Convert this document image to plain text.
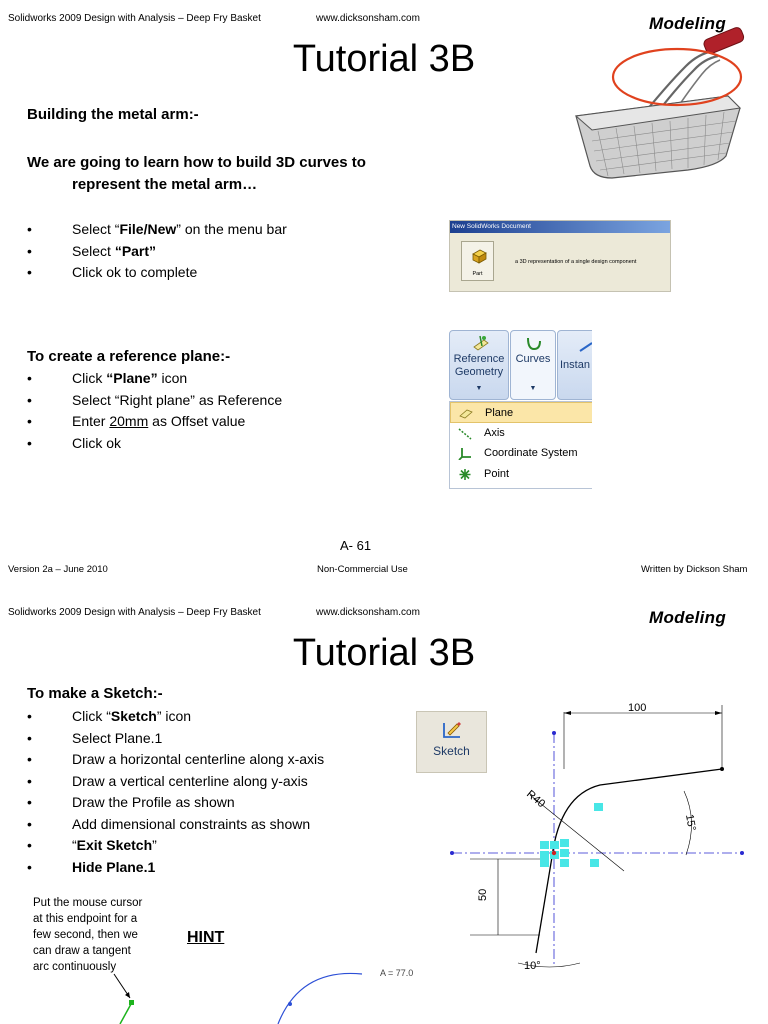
Solidworks 2009 Design with Analysis – Deep Fry Basket	www.dicksonsham.com	Modeling
Tutorial 3B
Building the metal arm:-
We are going to learn how to build 3D curves to
represent the metal arm…
• Select “File/New” on the menu bar
• Select “Part”
• Click ok to complete
New SolidWorks Document
Part
a 3D representation of a single design component
To create a reference plane:-
• Click “Plane” icon
• Select “Right plane” as Reference
• Enter 20mm as Offset value
• Click ok
Reference
Geometry
▼
Curves
▼
Instan
Plane
Axis
Coordinate System
Point
A- 61
Version 2a – June 2010	Non-Commercial Use	Written by Dickson Sham
Solidworks 2009 Design with Analysis – Deep Fry Basket	www.dicksonsham.com	Modeling
Tutorial 3B
To make a Sketch:-
• Click “Sketch” icon
• Select Plane.1
• Draw a horizontal centerline along x-axis
• Draw a vertical centerline along y-axis
• Draw the Profile as shown
• Add dimensional constraints as shown
• “Exit Sketch”
• Hide Plane.1
Sketch
100
R40
15°
50
10°
Put the mouse cursor
at this endpoint for a
few second, then we
can draw a tangent
arc continuously
HINT
A = 77.0
